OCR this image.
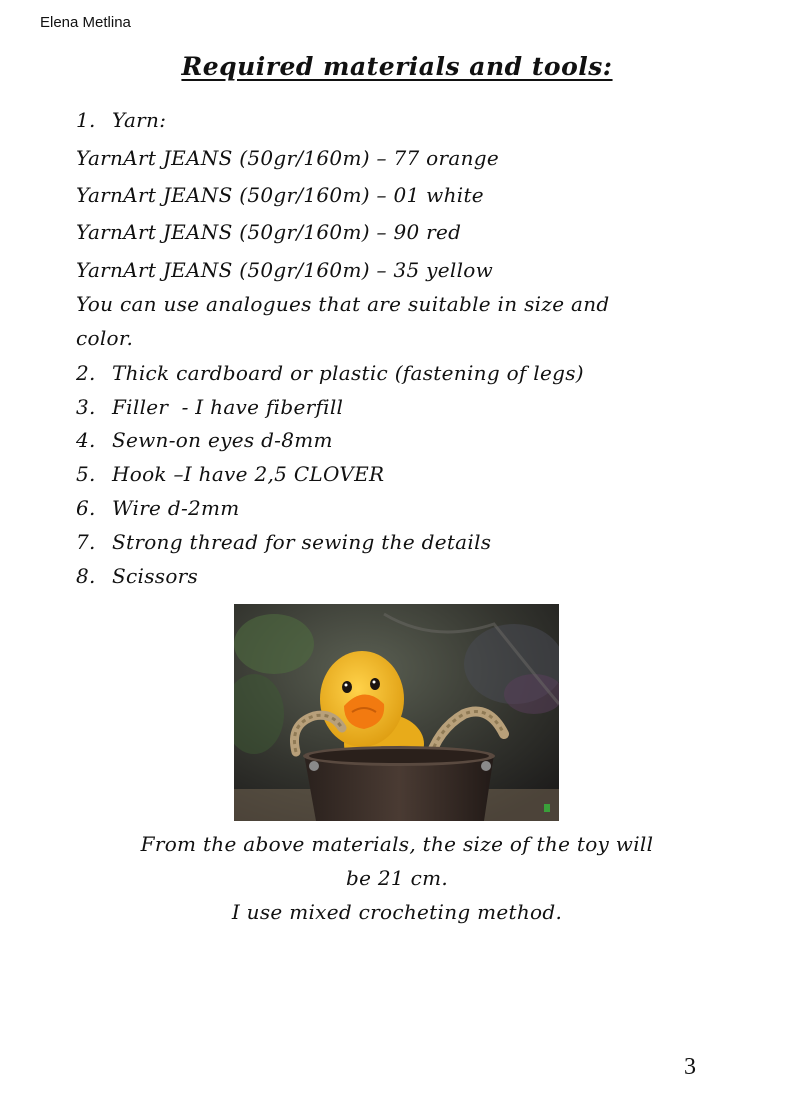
Elena Metlina
Required materials and tools:
1. Yarn:
YarnArt JEANS (50gr/160m) – 77 orange
YarnArt JEANS (50gr/160m) – 01 white
YarnArt JEANS (50gr/160m) – 90 red
YarnArt JEANS (50gr/160m) – 35 yellow
You can use analogues that are suitable in size and
color.
2. Thick cardboard or plastic (fastening of legs)
3. Filler  - I have fiberfill
4. Sewn-on eyes d-8mm
5. Hook –I have 2,5 CLOVER
6. Wire d-2mm
7. Strong thread for sewing the details
8. Scissors
From the above materials, the size of the toy will
be 21 cm.
I use mixed crocheting method.
3
